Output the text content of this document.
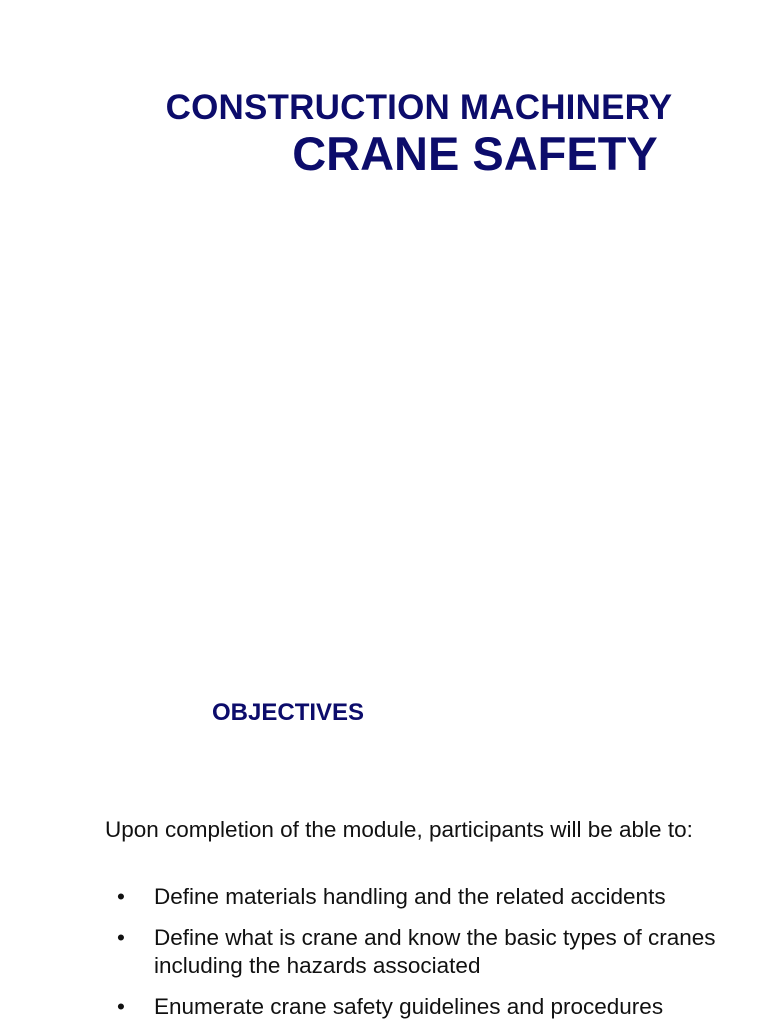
CONSTRUCTION MACHINERY
CRANE SAFETY
OBJECTIVES
Upon completion of the module, participants will be able to:
• Define materials handling and the related accidents
• Define what is crane and know the basic types of cranes including the hazards associated
• Enumerate crane safety guidelines and procedures
